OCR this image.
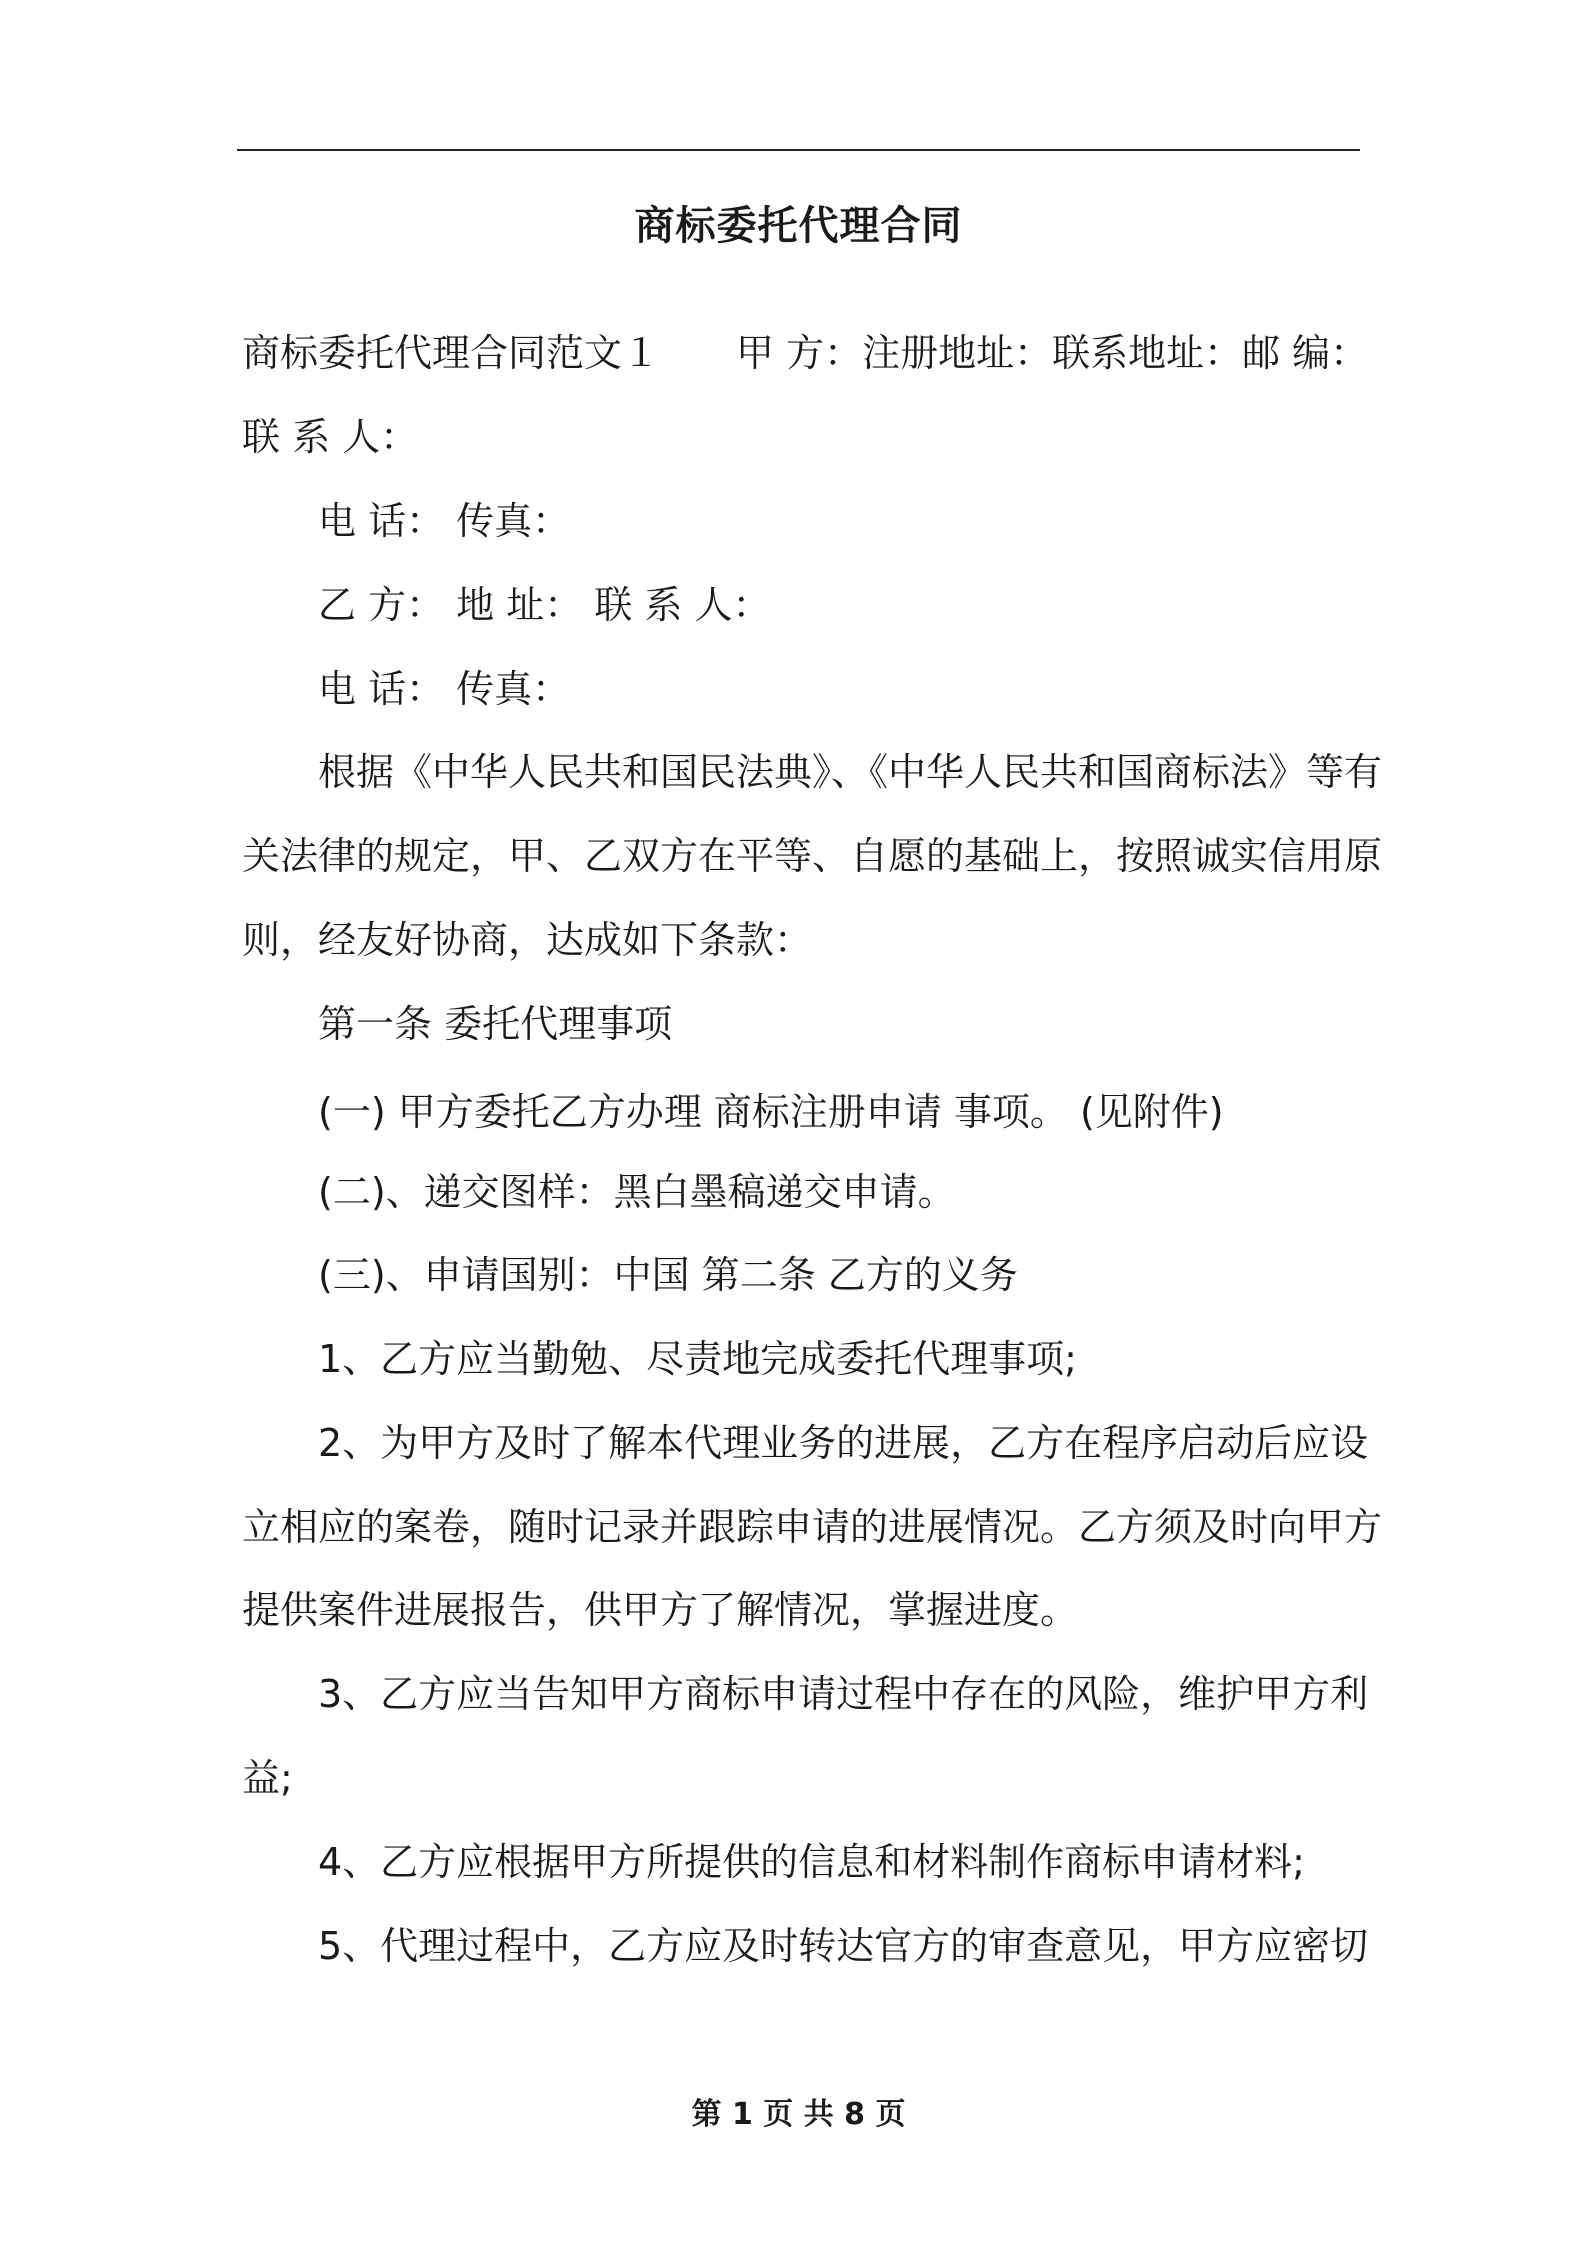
商标委托代理合同
商标委托代理合同范文１　　甲 方：注册地址：联系地址：邮 编：
联 系 人：
电 话： 传真：
乙 方： 地 址： 联 系 人：
电 话： 传真：
根据《中华人民共和国民法典》、《中华人民共和国商标法》等有
关法律的规定，甲、乙双方在平等、自愿的基础上，按照诚实信用原
则，经友好协商，达成如下条款：
第一条 委托代理事项
(一) 甲方委托乙方办理 商标注册申请 事项。 (见附件)
(二)、递交图样：黑白墨稿递交申请。
(三)、申请国别：中国 第二条 乙方的义务
1、乙方应当勤勉、尽责地完成委托代理事项;
2、为甲方及时了解本代理业务的进展，乙方在程序启动后应设
立相应的案卷，随时记录并跟踪申请的进展情况。乙方须及时向甲方
提供案件进展报告，供甲方了解情况，掌握进度。
3、乙方应当告知甲方商标申请过程中存在的风险，维护甲方利
益;
4、乙方应根据甲方所提供的信息和材料制作商标申请材料;
5、代理过程中，乙方应及时转达官方的审查意见，甲方应密切
第 1 页 共 8 页
